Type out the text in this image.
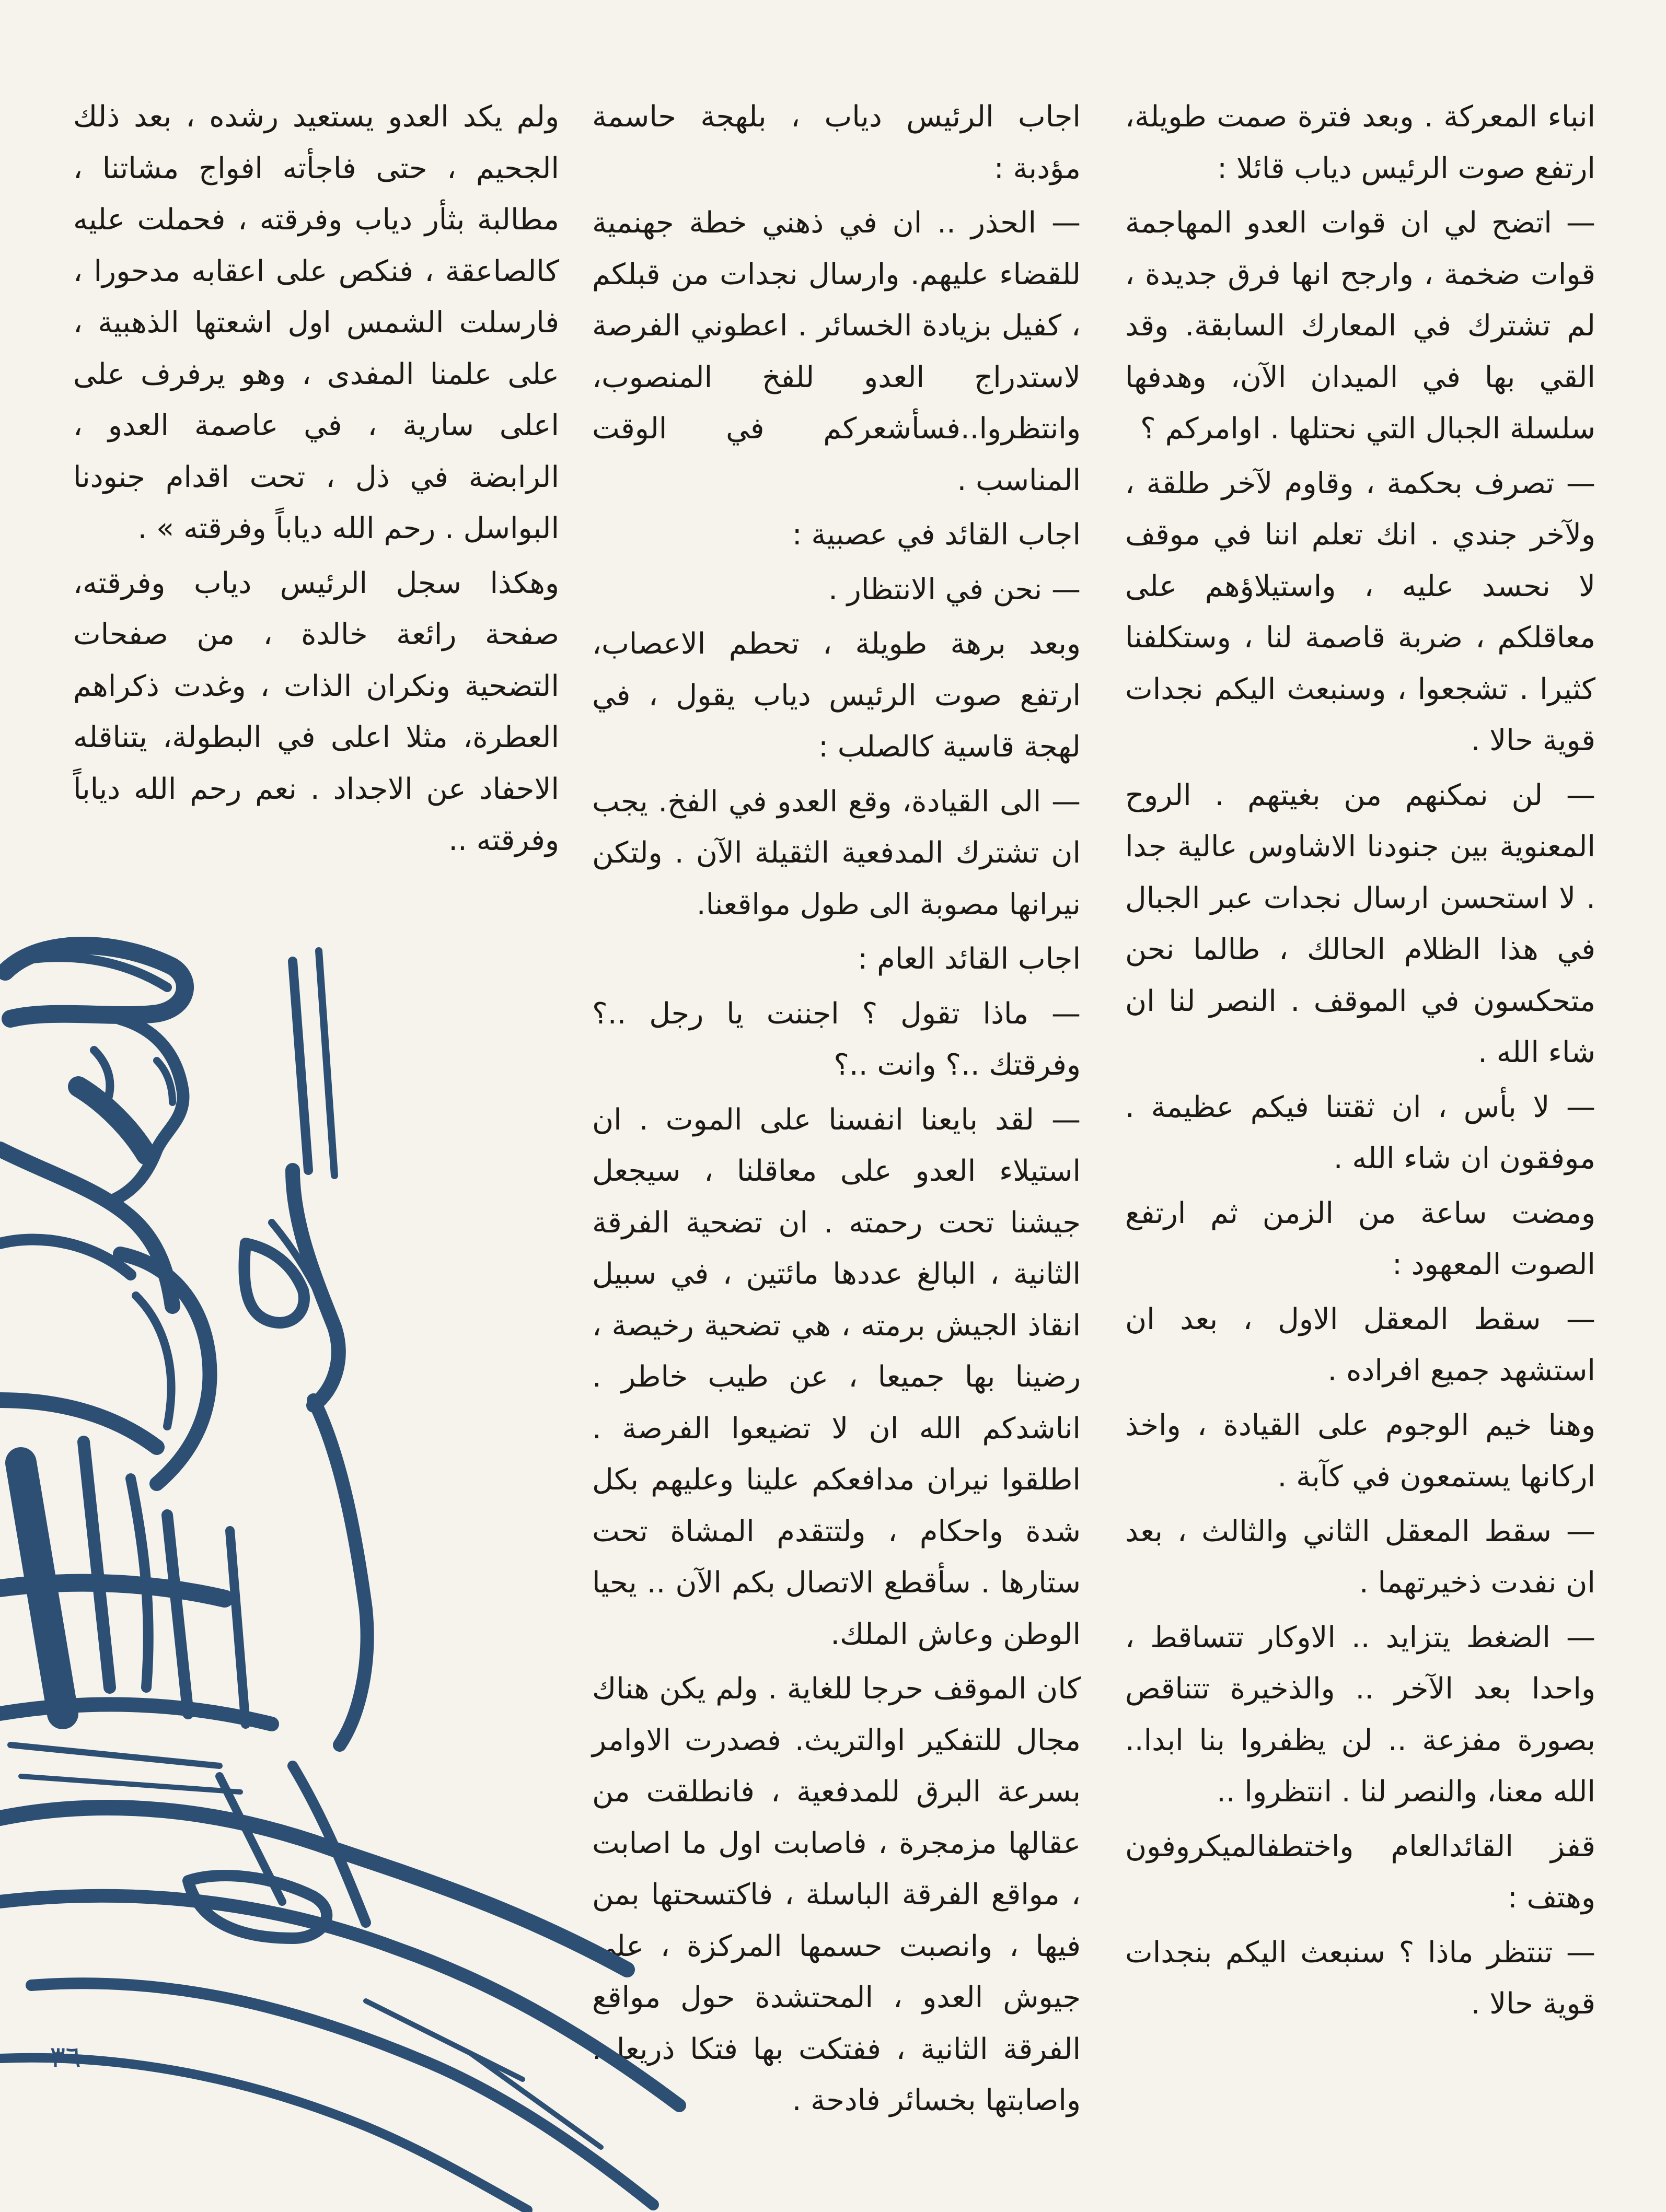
انباء المعركة . وبعد فترة صمت طويلة، ارتفع صوت الرئيس دياب قائلا :

— اتضح لي ان قوات العدو المهاجمة قوات ضخمة ، وارجح انها فرق جديدة ، لم تشترك في المعارك السابقة. وقد القي بها في الميدان الآن، وهدفها سلسلة الجبال التي نحتلها . اوامركم ؟

— تصرف بحكمة ، وقاوم لآخر طلقة ، ولآخر جندي . انك تعلم اننا في موقف لا نحسد عليه ، واستيلاؤهم على معاقلكم ، ضربة قاصمة لنا ، وستكلفنا كثيرا . تشجعوا ، وسنبعث اليكم نجدات قوية حالا .

— لن نمكنهم من بغيتهم . الروح المعنوية بين جنودنا الاشاوس عالية جدا . لا استحسن ارسال نجدات عبر الجبال في هذا الظلام الحالك ، طالما نحن متحكسون في الموقف . النصر لنا ان شاء الله .

— لا بأس ، ان ثقتنا فيكم عظيمة . موفقون ان شاء الله .

ومضت ساعة من الزمن ثم ارتفع الصوت المعهود :

— سقط المعقل الاول ، بعد ان استشهد جميع افراده .

وهنا خيم الوجوم على القيادة ، واخذ اركانها يستمعون في كآبة .

— سقط المعقل الثاني والثالث ، بعد ان نفدت ذخيرتهما .

— الضغط يتزايد .. الاوكار تتساقط ، واحدا بعد الآخر .. والذخيرة تتناقص بصورة مفزعة .. لن يظفروا بنا ابدا.. الله معنا، والنصر لنا . انتظروا ..

قفز القائدالعام واختطفالميكروفون وهتف :

— تنتظر ماذا ؟ سنبعث اليكم بنجدات قوية حالا .

اجاب الرئيس دياب ، بلهجة حاسمة مؤدبة :

— الحذر .. ان في ذهني خطة جهنمية للقضاء عليهم. وارسال نجدات من قبلكم ، كفيل بزيادة الخسائر . اعطوني الفرصة لاستدراج العدو للفخ المنصوب، وانتظروا..فسأشعركم في الوقت المناسب .

اجاب القائد في عصبية :

— نحن في الانتظار .

وبعد برهة طويلة ، تحطم الاعصاب، ارتفع صوت الرئيس دياب يقول ، في لهجة قاسية كالصلب :

— الى القيادة، وقع العدو في الفخ. يجب ان تشترك المدفعية الثقيلة الآن . ولتكن نيرانها مصوبة الى طول مواقعنا.

اجاب القائد العام :

— ماذا تقول ؟ اجننت يا رجل ..؟ وفرقتك ..؟ وانت ..؟

— لقد بايعنا انفسنا على الموت . ان استيلاء العدو على معاقلنا ، سيجعل جيشنا تحت رحمته . ان تضحية الفرقة الثانية ، البالغ عددها مائتين ، في سبيل انقاذ الجيش برمته ، هي تضحية رخيصة ، رضينا بها جميعا ، عن طيب خاطر . اناشدكم الله ان لا تضيعوا الفرصة . اطلقوا نيران مدافعكم علينا وعليهم بكل شدة واحكام ، ولتتقدم المشاة تحت ستارها . سأقطع الاتصال بكم الآن .. يحيا الوطن وعاش الملك.

كان الموقف حرجا للغاية . ولم يكن هناك مجال للتفكير اوالتريث. فصدرت الاوامر بسرعة البرق للمدفعية ، فانطلقت من عقالها مزمجرة ، فاصابت اول ما اصابت ، مواقع الفرقة الباسلة ، فاكتسحتها بمن فيها ، وانصبت حسمها المركزة ، على جيوش العدو ، المحتشدة حول مواقع الفرقة الثانية ، ففتكت بها فتكا ذريعا ، واصابتها بخسائر فادحة .

ولم يكد العدو يستعيد رشده ، بعد ذلك الجحيم ، حتى فاجأته افواج مشاتنا ، مطالبة بثأر دياب وفرقته ، فحملت عليه كالصاعقة ، فنكص على اعقابه مدحورا ، فارسلت الشمس اول اشعتها الذهبية ، على علمنا المفدى ، وهو يرفرف على اعلى سارية ، في عاصمة العدو ، الرابضة في ذل ، تحت اقدام جنودنا البواسل . رحم الله دياباً وفرقته » .

وهكذا سجل الرئيس دياب وفرقته، صفحة رائعة خالدة ، من صفحات التضحية ونكران الذات ، وغدت ذكراهم العطرة، مثلا اعلى في البطولة، يتناقله الاحفاد عن الاجداد . نعم رحم الله دياباً وفرقته ..

٣٦
